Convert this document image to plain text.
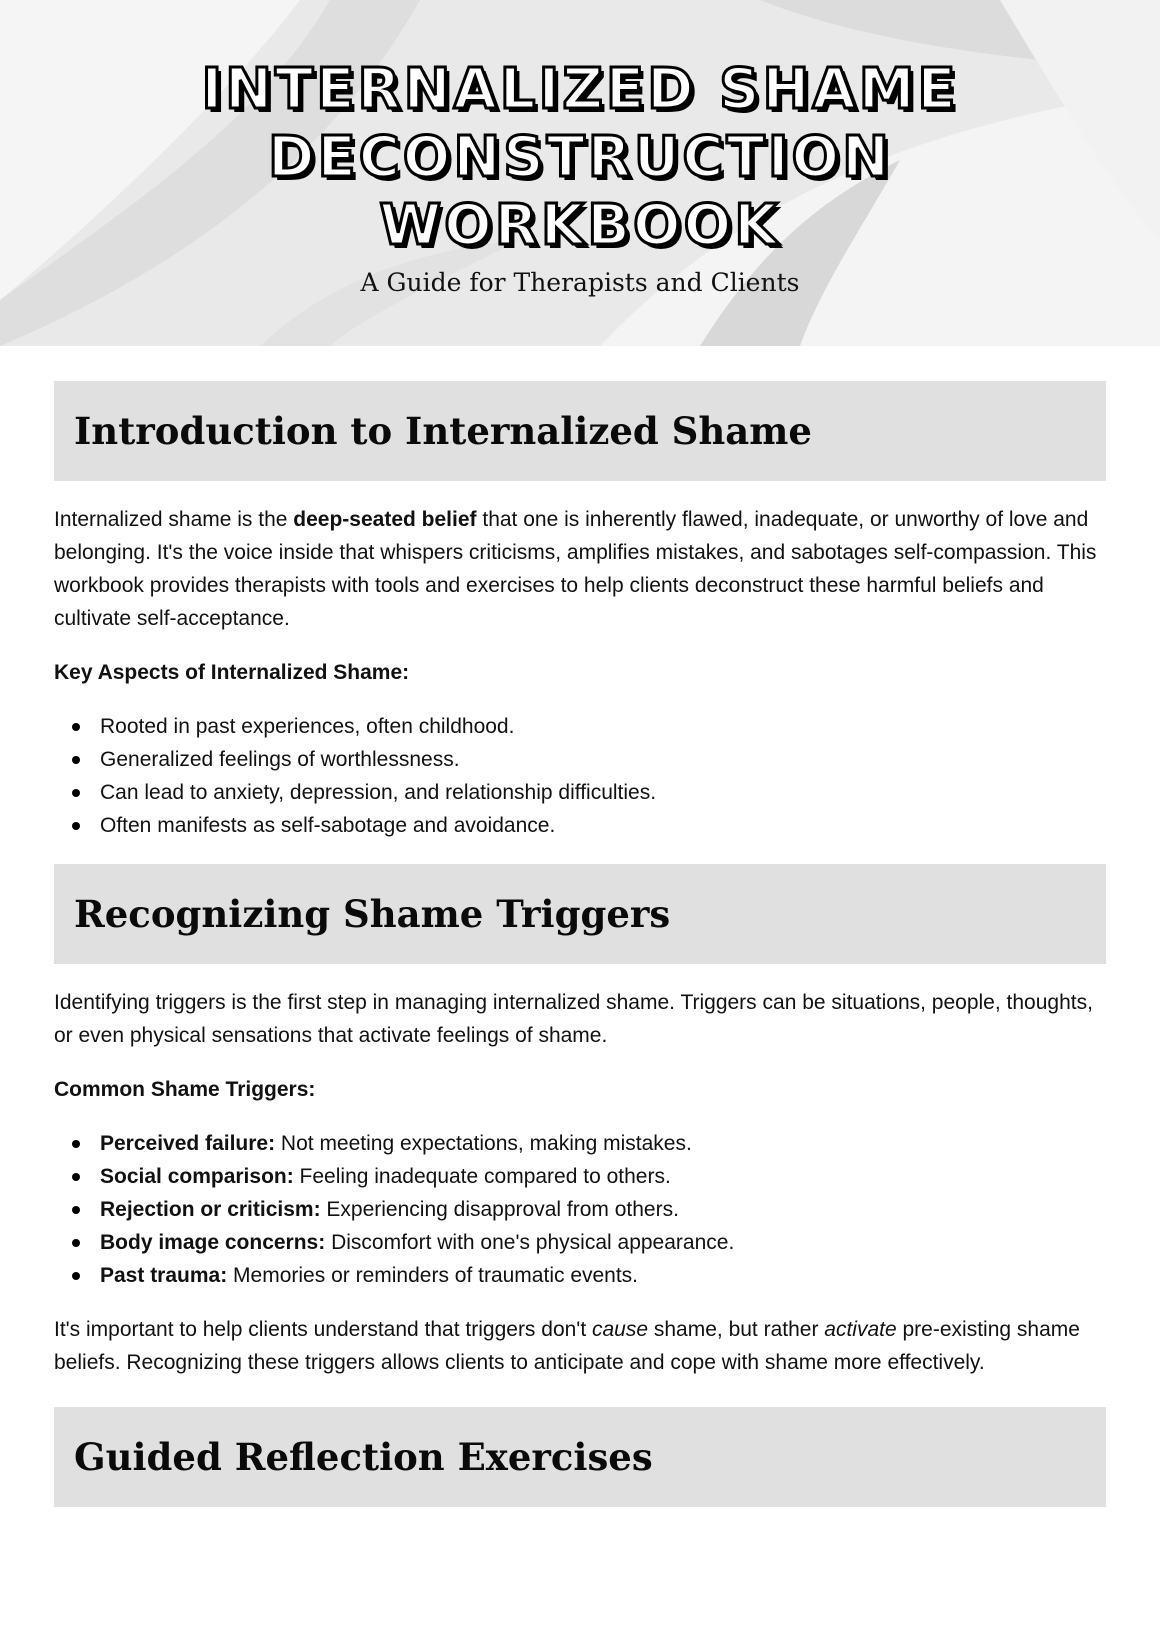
INTERNALIZED SHAME
DECONSTRUCTION
WORKBOOK
A Guide for Therapists and Clients
Introduction to Internalized Shame

Internalized shame is the deep-seated belief that one is inherently flawed, inadequate, or unworthy of love and belonging. It's the voice inside that whispers criticisms, amplifies mistakes, and sabotages self-compassion. This workbook provides therapists with tools and exercises to help clients deconstruct these harmful beliefs and cultivate self-acceptance.

Key Aspects of Internalized Shame:
Rooted in past experiences, often childhood.
Generalized feelings of worthlessness.
Can lead to anxiety, depression, and relationship difficulties.
Often manifests as self-sabotage and avoidance.
Recognizing Shame Triggers

Identifying triggers is the first step in managing internalized shame. Triggers can be situations, people, thoughts, or even physical sensations that activate feelings of shame.

Common Shame Triggers:
Perceived failure: Not meeting expectations, making mistakes.
Social comparison: Feeling inadequate compared to others.
Rejection or criticism: Experiencing disapproval from others.
Body image concerns: Discomfort with one's physical appearance.
Past trauma: Memories or reminders of traumatic events.

It's important to help clients understand that triggers don't cause shame, but rather activate pre-existing shame beliefs. Recognizing these triggers allows clients to anticipate and cope with shame more effectively.

Guided Reflection Exercises
